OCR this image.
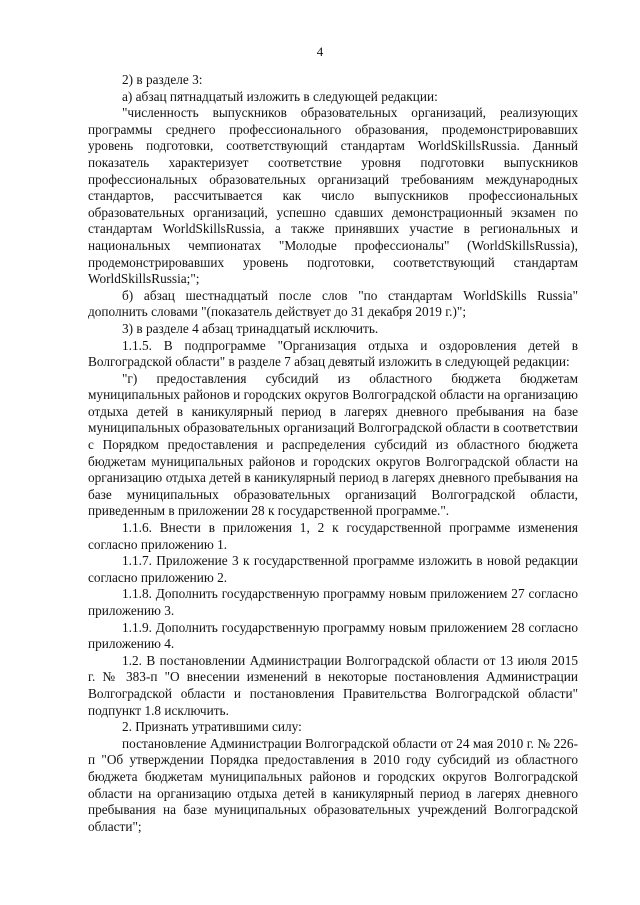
4

2) в разделе 3:

а) абзац пятнадцатый изложить в следующей редакции:

"численность выпускников образовательных организаций, реализующих программы среднего профессионального образования, продемонстрировавших уровень подготовки, соответствующий стандартам WorldSkillsRussia. Данный показатель характеризует соответствие уровня подготовки выпускников профессиональных образовательных организаций требованиям международных стандартов, рассчитывается как число выпускников профессиональных образовательных организаций, успешно сдавших демонстрационный экзамен по стандартам WorldSkillsRussia, а также принявших участие в региональных и национальных чемпионатах "Молодые профессионалы" (WorldSkillsRussia), продемонстрировавших уровень подготовки, соответствующий стандартам WorldSkillsRussia;";

б) абзац шестнадцатый после слов "по стандартам WorldSkills Russia" дополнить словами "(показатель действует до 31 декабря 2019 г.)";

3) в разделе 4 абзац тринадцатый исключить.

1.1.5. В подпрограмме "Организация отдыха и оздоровления детей в Волгоградской области" в разделе 7 абзац девятый изложить в следующей редакции:

"г) предоставления субсидий из областного бюджета бюджетам муниципальных районов и городских округов Волгоградской области на организацию отдыха детей в каникулярный период в лагерях дневного пребывания на базе муниципальных образовательных организаций Волгоградской области в соответствии с Порядком предоставления и распределения субсидий из областного бюджета бюджетам муниципальных районов и городских округов Волгоградской области на организацию отдыха детей в каникулярный период в лагерях дневного пребывания на базе муниципальных образовательных организаций Волгоградской области, приведенным в приложении 28 к государственной программе.".

1.1.6. Внести в приложения 1, 2 к государственной программе изменения согласно приложению 1.

1.1.7. Приложение 3 к государственной программе изложить в новой редакции согласно приложению 2.

1.1.8. Дополнить государственную программу новым приложением 27 согласно приложению 3.

1.1.9. Дополнить государственную программу новым приложением 28 согласно приложению 4.

1.2. В постановлении Администрации Волгоградской области от 13 июля 2015 г. № 383-п "О внесении изменений в некоторые постановления Администрации Волгоградской области и постановления Правительства Волгоградской области" подпункт 1.8 исключить.

2. Признать утратившими силу:

постановление Администрации Волгоградской области от 24 мая 2010 г. № 226-п "Об утверждении Порядка предоставления в 2010 году субсидий из областного бюджета бюджетам муниципальных районов и городских округов Волгоградской области на организацию отдыха детей в каникулярный период в лагерях дневного пребывания на базе муниципальных образовательных учреждений Волгоградской области";
